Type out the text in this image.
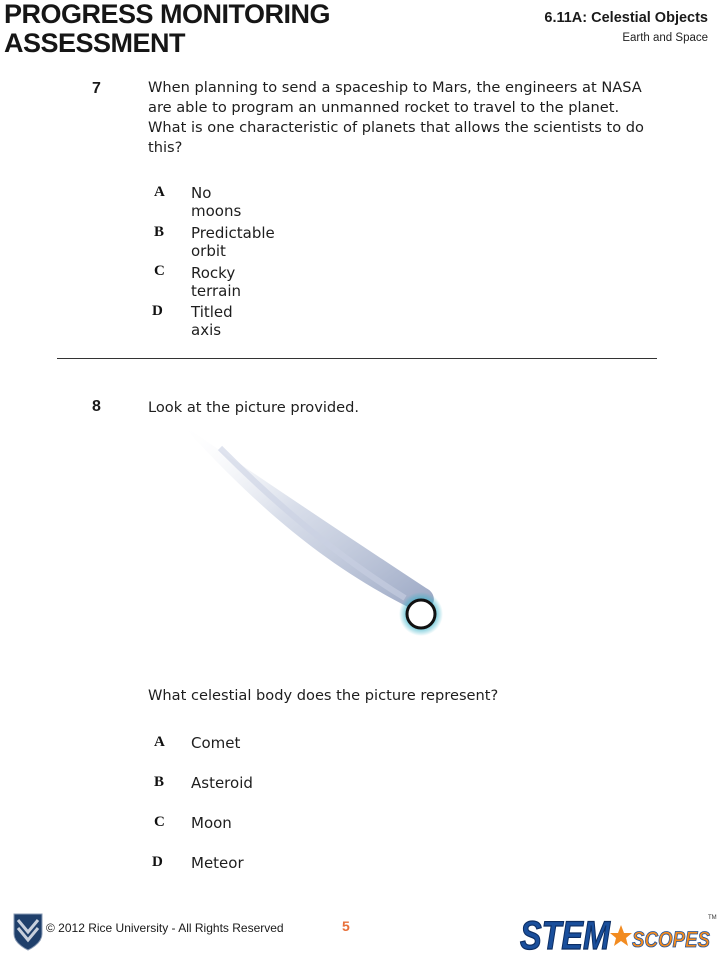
PROGRESS MONITORING
ASSESSMENT
6.11A: Celestial Objects
Earth and Space
7	When planning to send a spaceship to Mars, the engineers at NASA are able to program an unmanned rocket to travel to the planet. What is one characteristic of planets that allows the scientists to do this?
A No moons
B Predictable orbit
C Rocky terrain
D Titled axis
8	Look at the picture provided.
What celestial body does the picture represent?
A Comet
B Asteroid
C Moon
D Meteor
© 2012 Rice University - All Rights Reserved	5	STEM SCOPES
TM
